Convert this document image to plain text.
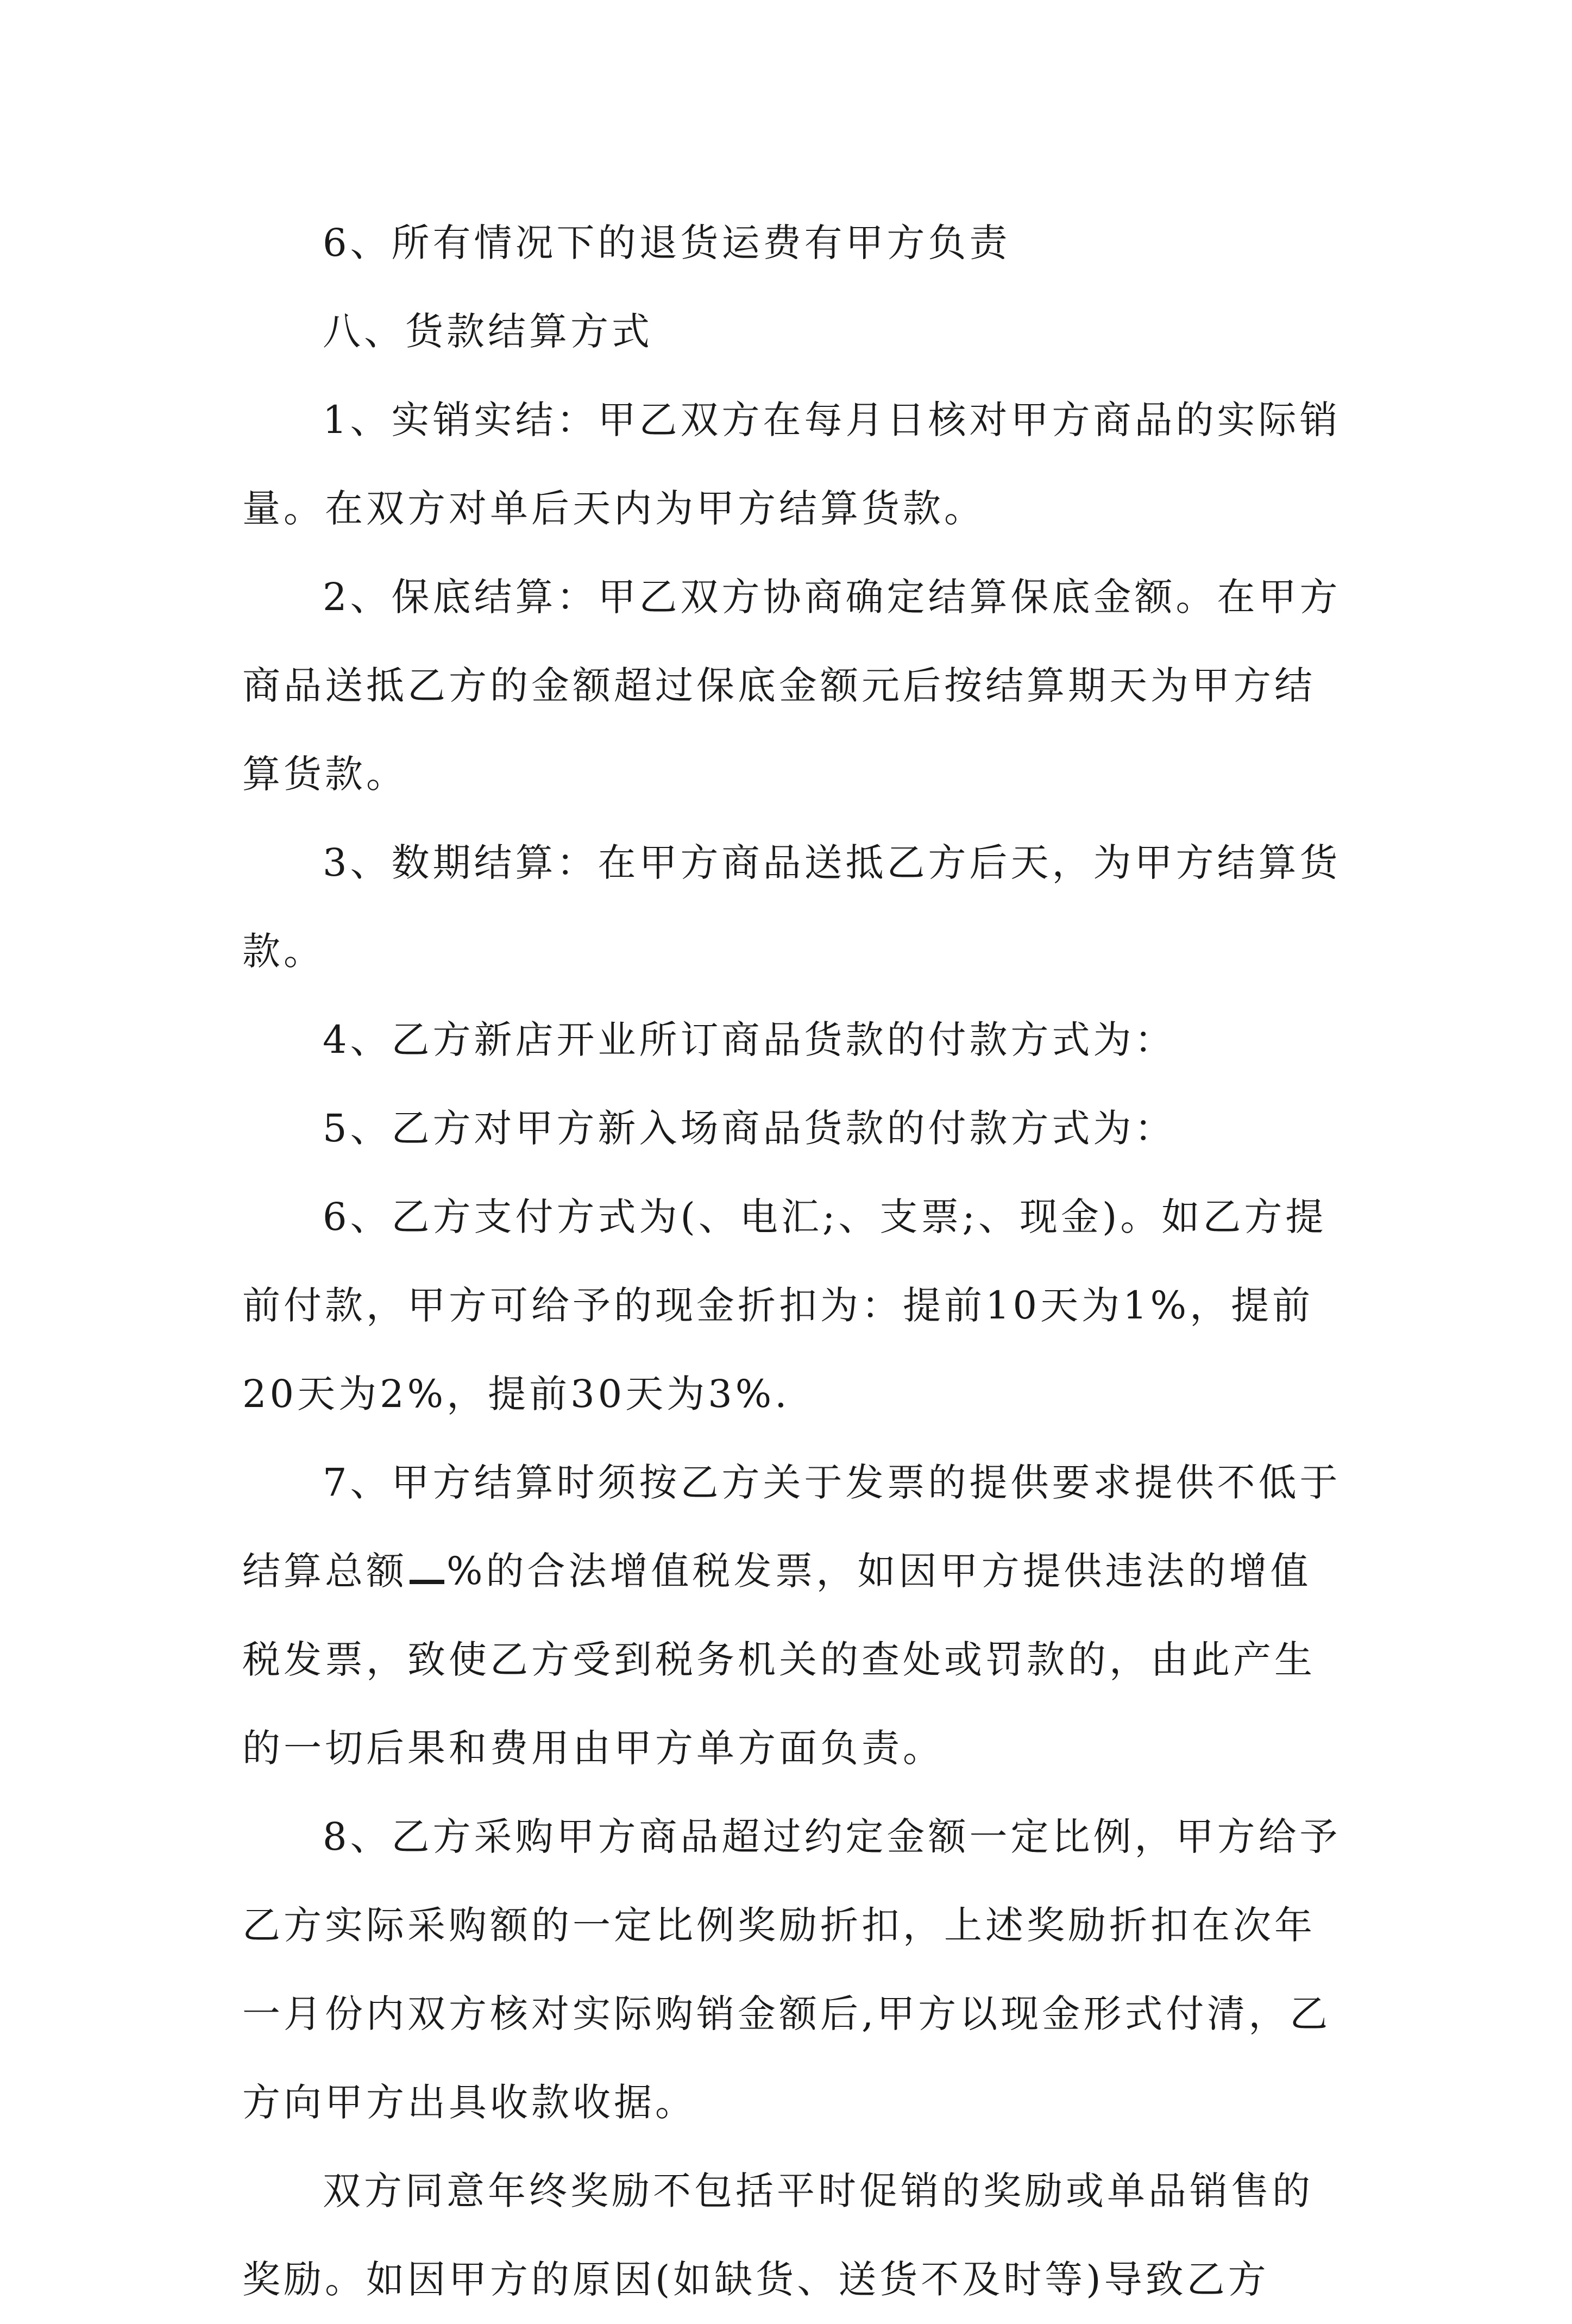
6、所有情况下的退货运费有甲方负责

八、货款结算方式

1、实销实结：甲乙双方在每月日核对甲方商品的实际销量。在双方对单后天内为甲方结算货款。

2、保底结算：甲乙双方协商确定结算保底金额。在甲方商品送抵乙方的金额超过保底金额元后按结算期天为甲方结算货款。

3、数期结算：在甲方商品送抵乙方后天，为甲方结算货款。

4、乙方新店开业所订商品货款的付款方式为：

5、乙方对甲方新入场商品货款的付款方式为：

6、乙方支付方式为(、电汇;、支票;、现金)。如乙方提前付款，甲方可给予的现金折扣为：提前10天为1%，提前20天为2%，提前30天为3%.

7、甲方结算时须按乙方关于发票的提供要求提供不低于结算总额 %的合法增值税发票，如因甲方提供违法的增值税发票，致使乙方受到税务机关的查处或罚款的，由此产生的一切后果和费用由甲方单方面负责。

8、乙方采购甲方商品超过约定金额一定比例，甲方给予乙方实际采购额的一定比例奖励折扣，上述奖励折扣在次年一月份内双方核对实际购销金额后,甲方以现金形式付清，乙方向甲方出具收款收据。

双方同意年终奖励不包括平时促销的奖励或单品销售的奖励。如因甲方的原因(如缺货、送货不及时等)导致乙方
